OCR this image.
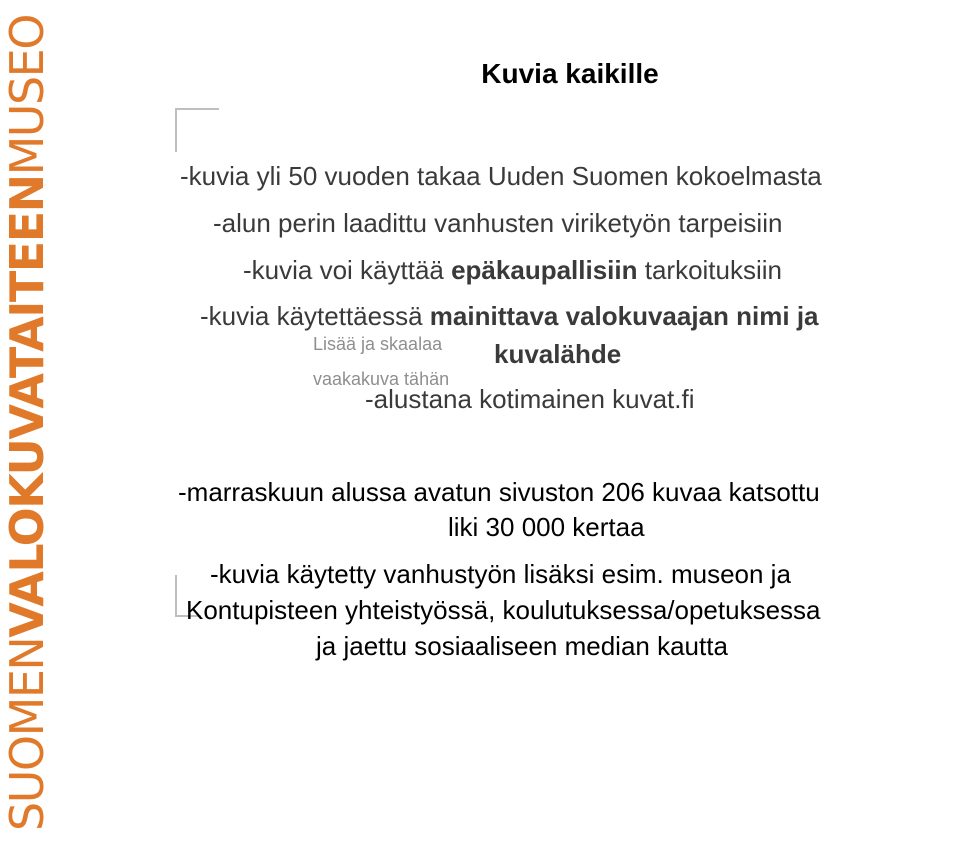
SUOMENVALOKUVATAITEENMUSEO	Kuvia kaikille
Lisää ja skaalaa
vaakakuva tähän
-kuvia yli 50 vuoden takaa Uuden Suomen kokoelmasta
-alun perin laadittu vanhusten viriketyön tarpeisiin
-kuvia voi käyttää epäkaupallisiin tarkoituksiin
-kuvia käytettäessä mainittava valokuvaajan nimi ja
kuvalähde
-alustana kotimainen kuvat.fi
-marraskuun alussa avatun sivuston 206 kuvaa katsottu
liki 30 000 kertaa
-kuvia käytetty vanhustyön lisäksi esim. museon ja
Kontupisteen yhteistyössä, koulutuksessa/opetuksessa
ja jaettu sosiaaliseen median kautta
